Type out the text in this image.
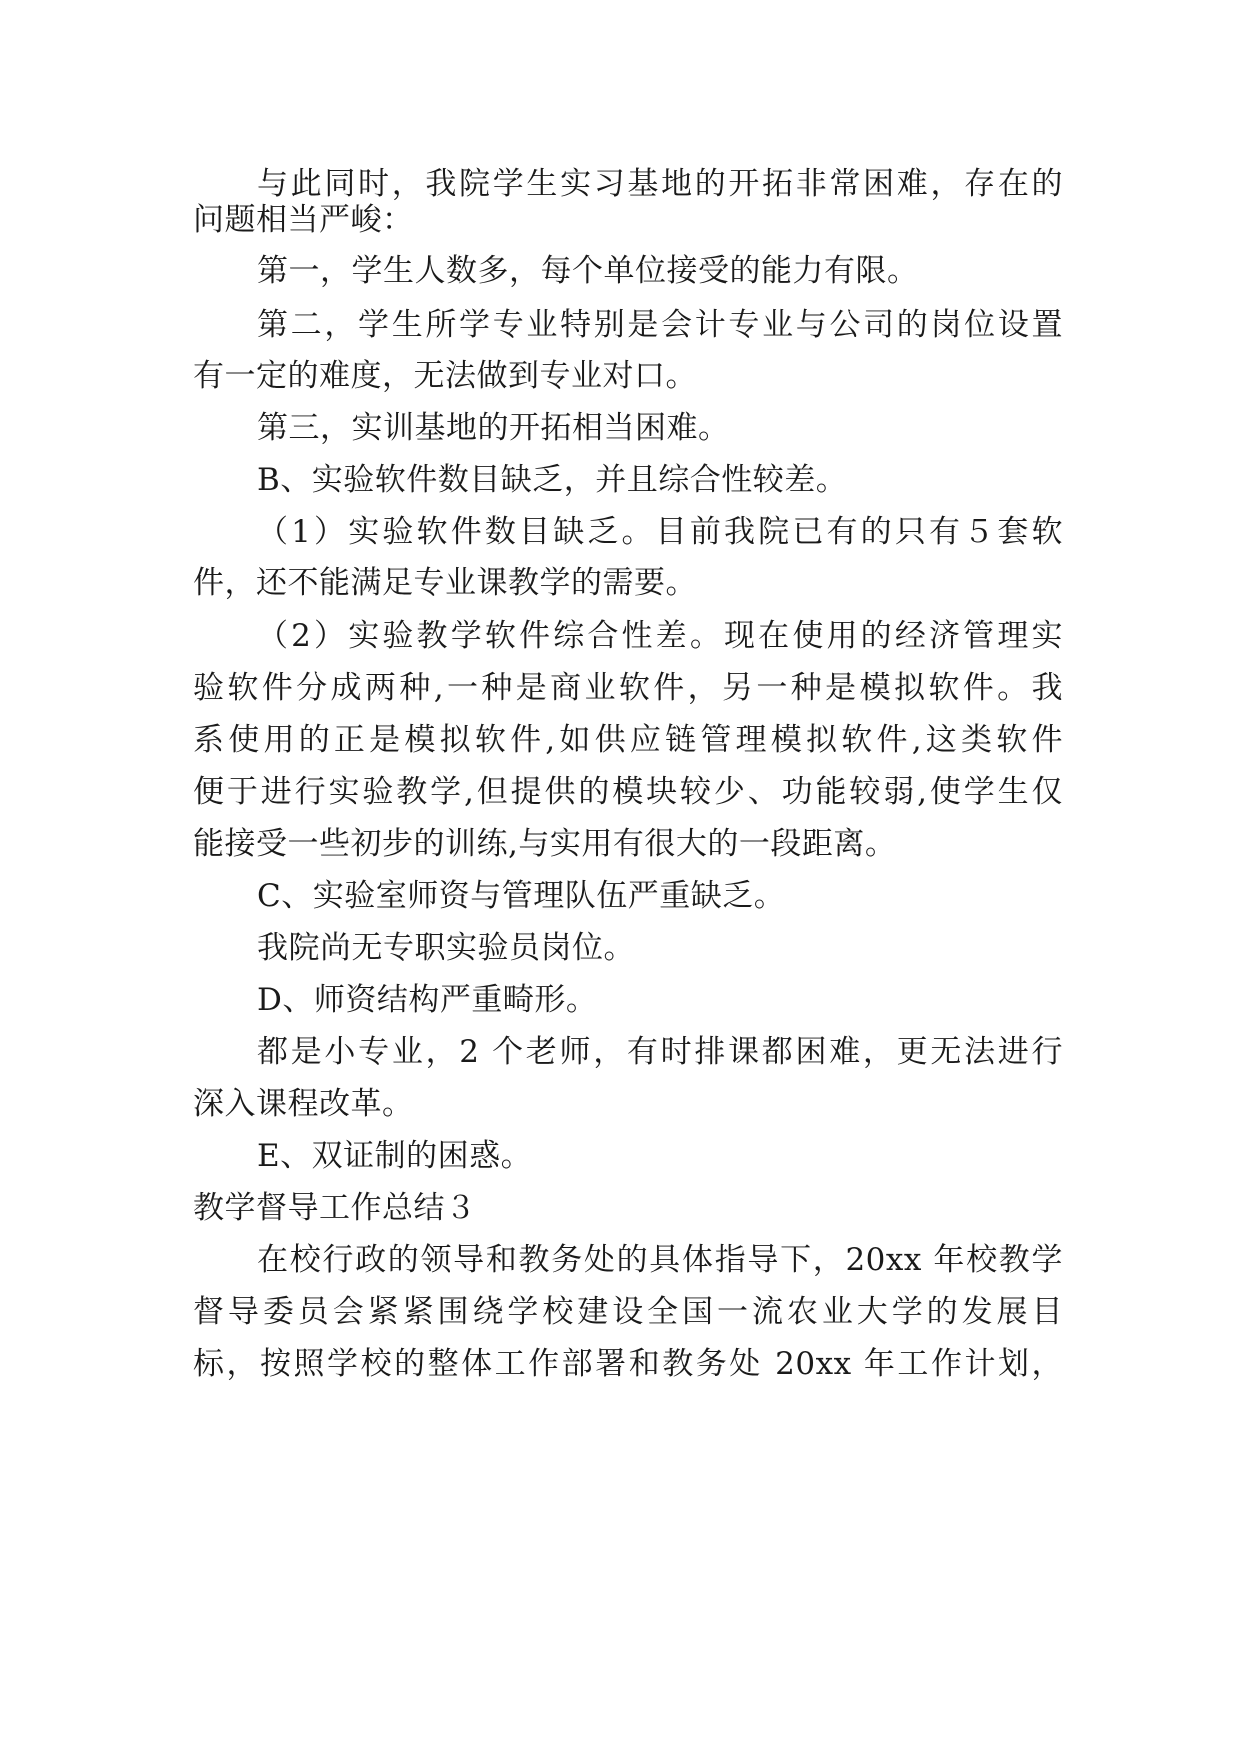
与此同时，我院学生实习基地的开拓非常困难，存在的
问题相当严峻：
第一，学生人数多，每个单位接受的能力有限。
第二，学生所学专业特别是会计专业与公司的岗位设置
有一定的难度，无法做到专业对口。
第三，实训基地的开拓相当困难。
B、实验软件数目缺乏，并且综合性较差。
（1）实验软件数目缺乏。目前我院已有的只有５套软
件，还不能满足专业课教学的需要。
（2）实验教学软件综合性差。现在使用的经济管理实
验软件分成两种,一种是商业软件，另一种是模拟软件。我
系使用的正是模拟软件,如供应链管理模拟软件,这类软件
便于进行实验教学,但提供的模块较少、功能较弱,使学生仅
能接受一些初步的训练,与实用有很大的一段距离。
C、实验室师资与管理队伍严重缺乏。
我院尚无专职实验员岗位。
D、师资结构严重畸形。
都是小专业，2 个老师，有时排课都困难，更无法进行
深入课程改革。
E、双证制的困惑。
教学督导工作总结３
在校行政的领导和教务处的具体指导下，20xx 年校教学
督导委员会紧紧围绕学校建设全国一流农业大学的发展目
标，按照学校的整体工作部署和教务处 20xx 年工作计划，
